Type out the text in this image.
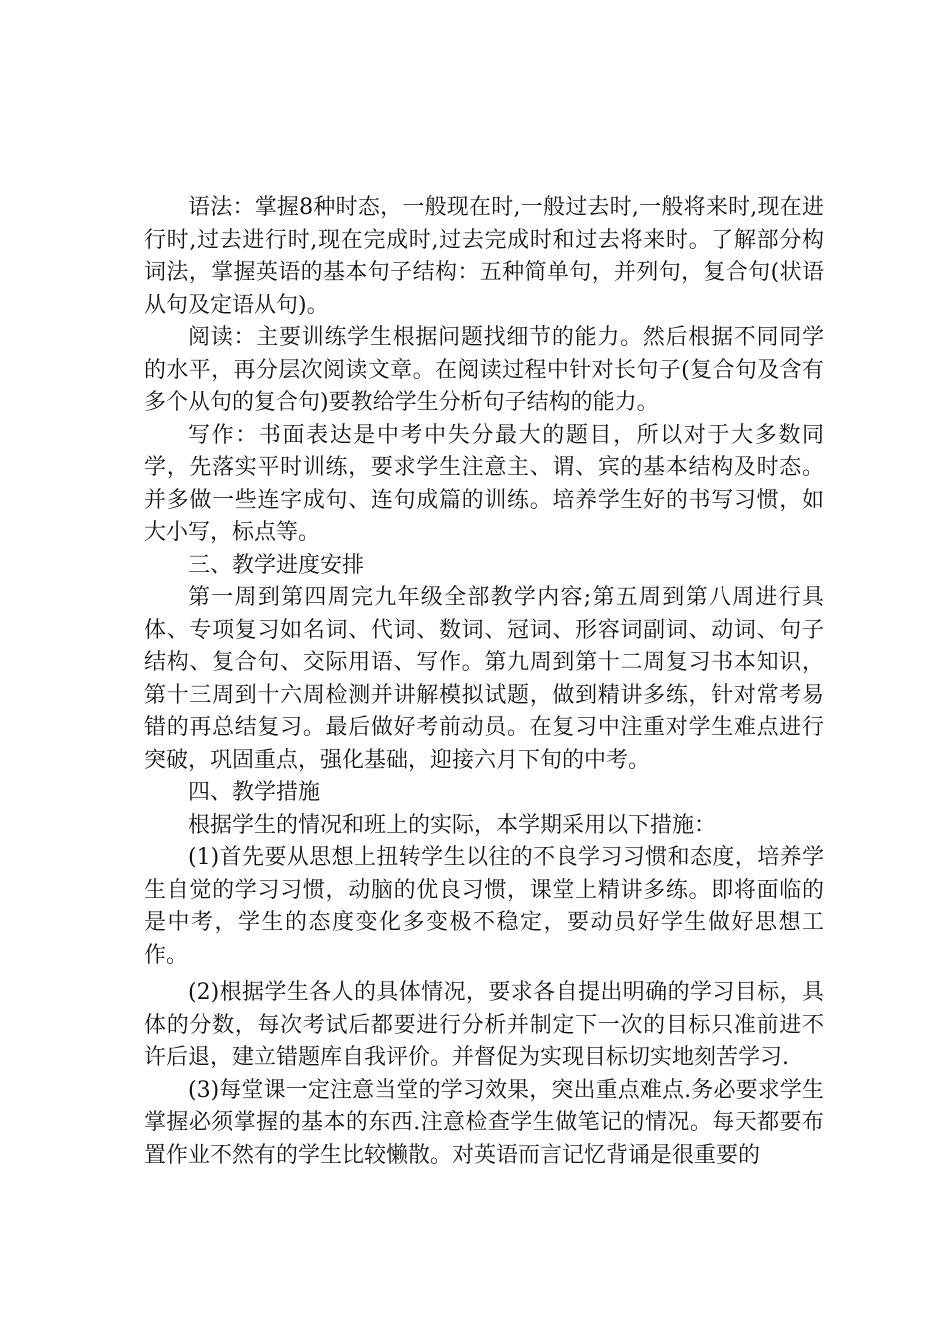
语法：掌握8种时态，一般现在时,一般过去时,一般将来时,现在进行时,过去进行时,现在完成时,过去完成时和过去将来时。了解部分构词法，掌握英语的基本句子结构：五种简单句，并列句，复合句(状语从句及定语从句)。

阅读：主要训练学生根据问题找细节的能力。然后根据不同同学的水平，再分层次阅读文章。在阅读过程中针对长句子(复合句及含有多个从句的复合句)要教给学生分析句子结构的能力。

写作：书面表达是中考中失分最大的题目，所以对于大多数同学，先落实平时训练，要求学生注意主、谓、宾的基本结构及时态。并多做一些连字成句、连句成篇的训练。培养学生好的书写习惯，如大小写，标点等。

三、教学进度安排

第一周到第四周完九年级全部教学内容;第五周到第八周进行具体、专项复习如名词、代词、数词、冠词、形容词副词、动词、句子结构、复合句、交际用语、写作。第九周到第十二周复习书本知识，第十三周到十六周检测并讲解模拟试题，做到精讲多练，针对常考易错的再总结复习。最后做好考前动员。在复习中注重对学生难点进行突破，巩固重点，强化基础，迎接六月下旬的中考。

四、教学措施

根据学生的情况和班上的实际，本学期采用以下措施：

(1)首先要从思想上扭转学生以往的不良学习习惯和态度，培养学生自觉的学习习惯，动脑的优良习惯，课堂上精讲多练。即将面临的是中考，学生的态度变化多变极不稳定，要动员好学生做好思想工作。

(2)根据学生各人的具体情况，要求各自提出明确的学习目标，具体的分数，每次考试后都要进行分析并制定下一次的目标只准前进不许后退，建立错题库自我评价。并督促为实现目标切实地刻苦学习.

(3)每堂课一定注意当堂的学习效果，突出重点难点.务必要求学生掌握必须掌握的基本的东西.注意检查学生做笔记的情况。每天都要布置作业不然有的学生比较懒散。对英语而言记忆背诵是很重要的
